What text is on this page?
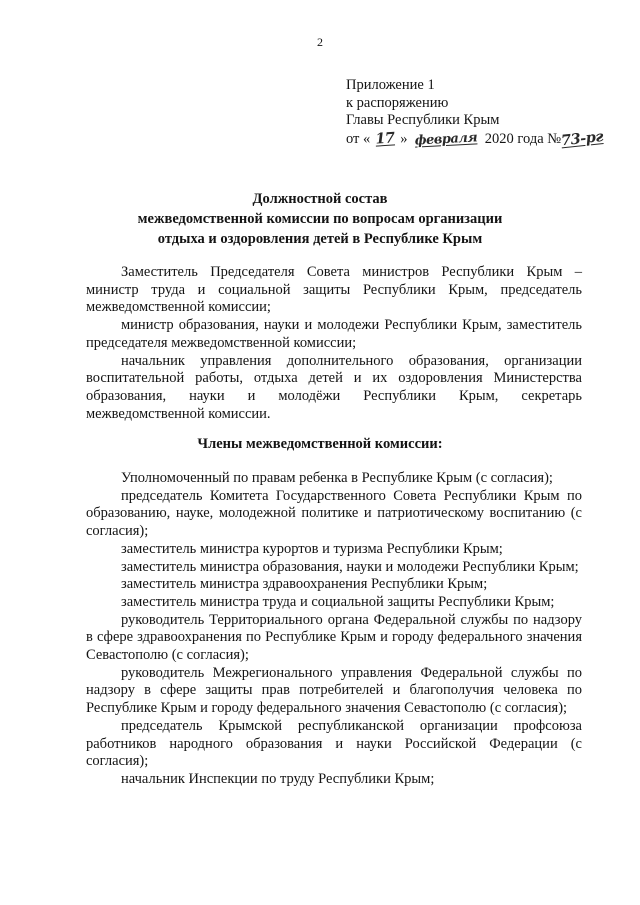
2
Приложение 1
к распоряжению
Главы Республики Крым
от « 17 » февраля 2020 года №73-рг
Должностной состав
межведомственной комиссии по вопросам организации
отдыха и оздоровления детей в Республике Крым

Заместитель Председателя Совета министров Республики Крым – министр труда и социальной защиты Республики Крым, председатель межведомственной комиссии;

министр образования, науки и молодежи Республики Крым, заместитель председателя межведомственной комиссии;

начальник управления дополнительного образования, организации воспитательной работы, отдыха детей и их оздоровления Министерства образования, науки и молодёжи Республики Крым, секретарь межведомственной комиссии.

Члены межведомственной комиссии:

Уполномоченный по правам ребенка в Республике Крым (с согласия);

председатель Комитета Государственного Совета Республики Крым по образованию, науке, молодежной политике и патриотическому воспитанию (с согласия);

заместитель министра курортов и туризма Республики Крым;

заместитель министра образования, науки и молодежи Республики Крым;

заместитель министра здравоохранения Республики Крым;

заместитель министра труда и социальной защиты Республики Крым;

руководитель Территориального органа Федеральной службы по надзору в сфере здравоохранения по Республике Крым и городу федерального значения Севастополю (с согласия);

руководитель Межрегионального управления Федеральной службы по надзору в сфере защиты прав потребителей и благополучия человека по Республике Крым и городу федерального значения Севастополю (с согласия);

председатель Крымской республиканской организации профсоюза работников народного образования и науки Российской Федерации (с согласия);

начальник Инспекции по труду Республики Крым;
